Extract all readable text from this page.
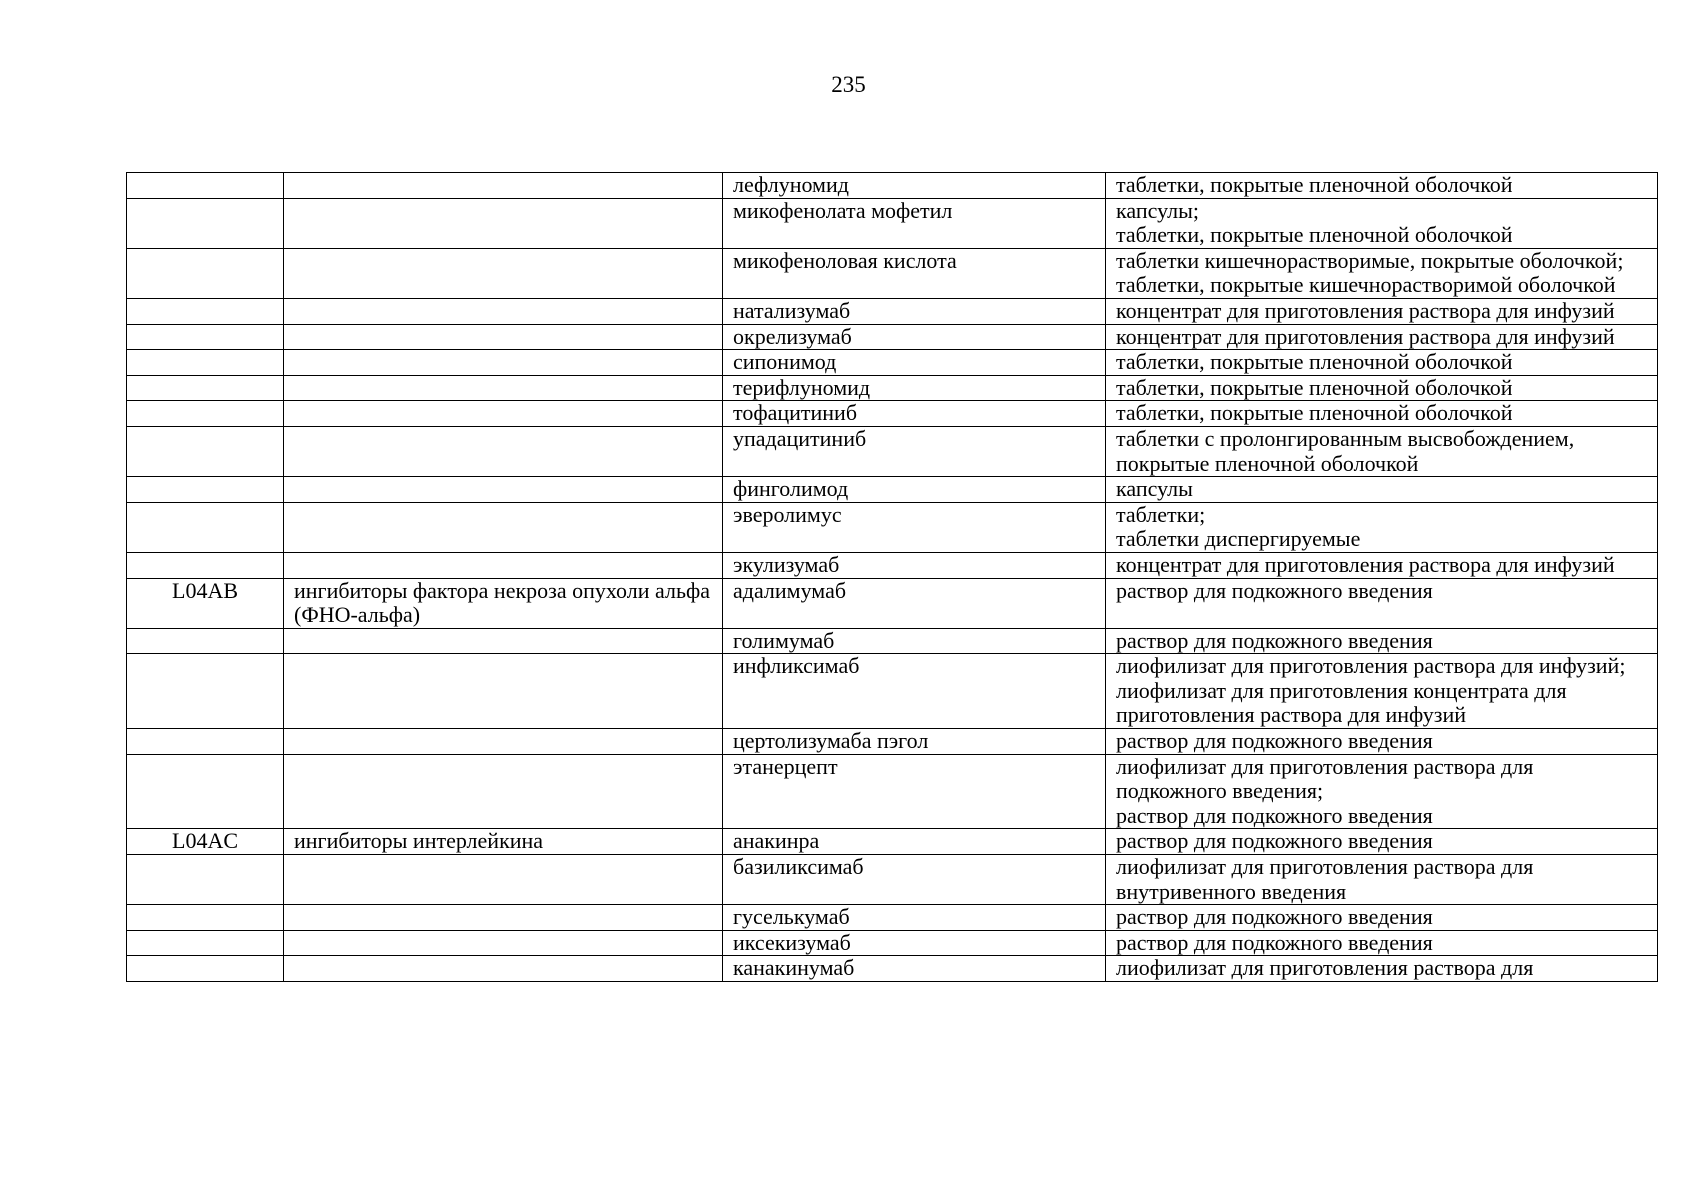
235
		лефлуномид	таблетки, покрытые пленочной оболочкой
		микофенолата мофетил	капсулы;
таблетки, покрытые пленочной оболочкой
		микофеноловая кислота	таблетки кишечнорастворимые, покрытые оболочкой; таблетки, покрытые кишечнорастворимой оболочкой
		натализумаб	концентрат для приготовления раствора для инфузий
		окрелизумаб	концентрат для приготовления раствора для инфузий
		сипонимод	таблетки, покрытые пленочной оболочкой
		терифлуномид	таблетки, покрытые пленочной оболочкой
		тофацитиниб	таблетки, покрытые пленочной оболочкой
		упадацитиниб	таблетки с пролонгированным высвобождением, покрытые пленочной оболочкой
		финголимод	капсулы
		эверолимус	таблетки;
таблетки диспергируемые
		экулизумаб	концентрат для приготовления раствора для инфузий
L04AB	ингибиторы фактора некроза опухоли альфа (ФНО-альфа)	адалимумаб	раствор для подкожного введения
		голимумаб	раствор для подкожного введения
		инфликсимаб	лиофилизат для приготовления раствора для инфузий;
лиофилизат для приготовления концентрата для приготовления раствора для инфузий
		цертолизумаба пэгол	раствор для подкожного введения
		этанерцепт	лиофилизат для приготовления раствора для подкожного введения;
раствор для подкожного введения
L04AC	ингибиторы интерлейкина	анакинра	раствор для подкожного введения
		базиликсимаб	лиофилизат для приготовления раствора для внутривенного введения
		гуселькумаб	раствор для подкожного введения
		иксекизумаб	раствор для подкожного введения
		канакинумаб	лиофилизат для приготовления раствора для
